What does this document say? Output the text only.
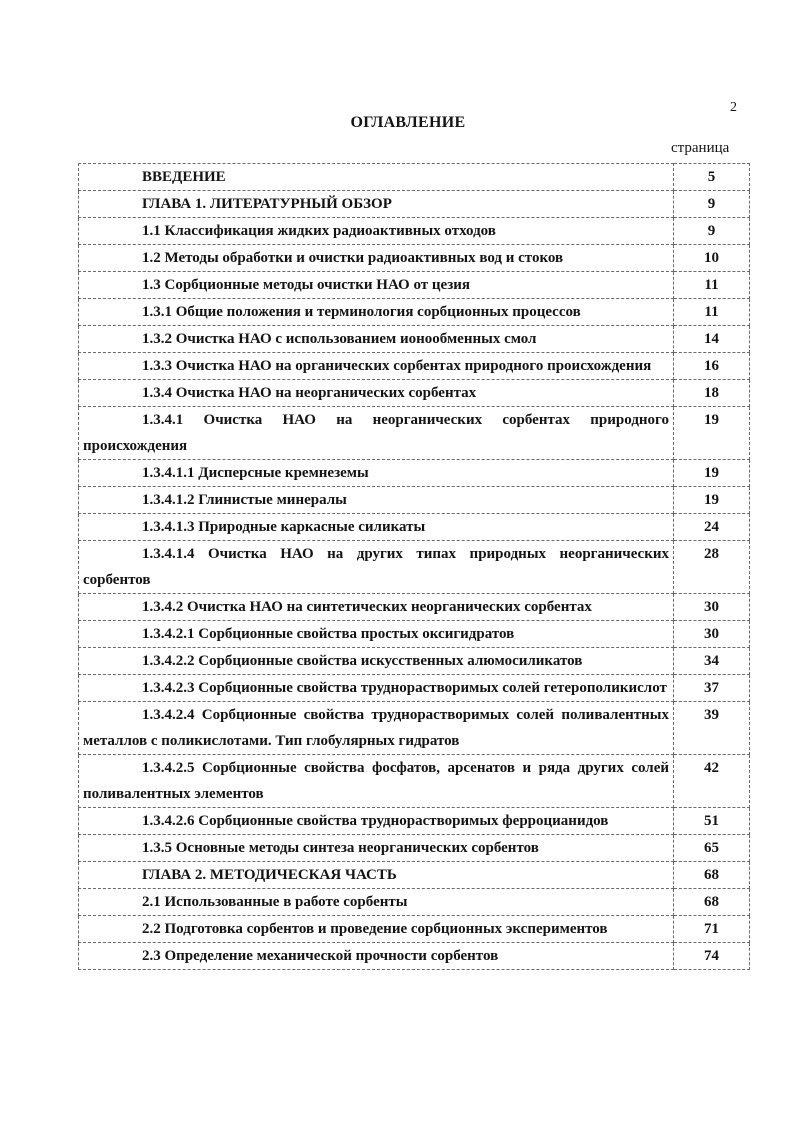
2
ОГЛАВЛЕНИЕ
страница
ВВЕДЕНИЕ	5

ГЛАВА 1. ЛИТЕРАТУРНЫЙ ОБЗОР	9

1.1 Классификация жидких радиоактивных отходов	9

1.2 Методы обработки и очистки радиоактивных вод и стоков	10

1.3 Сорбционные методы очистки НАО от цезия	11

1.3.1 Общие положения и терминология сорбционных процессов	11

1.3.2 Очистка НАО с использованием ионообменных смол	14

1.3.3 Очистка НАО на органических сорбентах природного происхождения	16

1.3.4 Очистка НАО на неорганических сорбентах	18

1.3.4.1 Очистка НАО на неорганических сорбентах природного происхождения	19

1.3.4.1.1 Дисперсные кремнеземы	19

1.3.4.1.2 Глинистые минералы	19

1.3.4.1.3 Природные каркасные силикаты	24

1.3.4.1.4 Очистка НАО на других типах природных неорганических сорбентов	28

1.3.4.2 Очистка НАО на синтетических неорганических сорбентах	30

1.3.4.2.1 Сорбционные свойства простых оксигидратов	30

1.3.4.2.2 Сорбционные свойства искусственных алюмосиликатов	34

1.3.4.2.3 Сорбционные свойства труднорастворимых солей гетерополикислот	37

1.3.4.2.4 Сорбционные свойства труднорастворимых солей поливалентных металлов с поликислотами. Тип глобулярных гидратов	39

1.3.4.2.5 Сорбционные свойства фосфатов, арсенатов и ряда других солей поливалентных элементов	42

1.3.4.2.6 Сорбционные свойства труднорастворимых ферроцианидов	51

1.3.5 Основные методы синтеза неорганических сорбентов	65

ГЛАВА 2. МЕТОДИЧЕСКАЯ ЧАСТЬ	68

2.1 Использованные в работе сорбенты	68

2.2 Подготовка сорбентов и проведение сорбционных экспериментов	71

2.3 Определение механической прочности сорбентов	74
